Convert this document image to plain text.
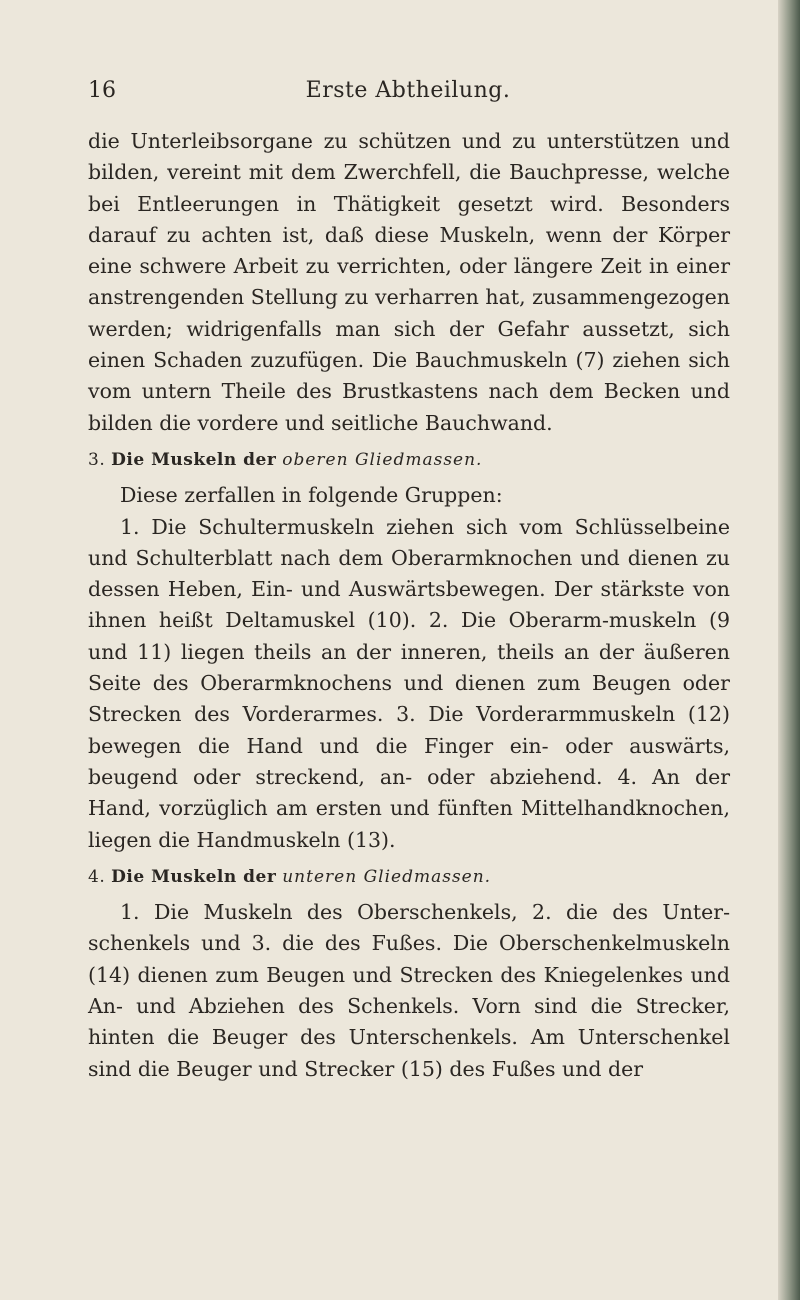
16	Erste Abtheilung.

die Unterleibsorgane zu schützen und zu unterstützen und bilden, vereint mit dem Zwerchfell, die Bauchpresse, welche bei Entleerungen in Thätigkeit gesetzt wird. Besonders darauf zu achten ist, daß diese Muskeln, wenn der Körper eine schwere Arbeit zu verrichten, oder längere Zeit in einer anstrengenden Stellung zu verharren hat, zusammengezogen werden; widrigenfalls man sich der Gefahr aussetzt, sich einen Schaden zuzufügen. Die Bauchmuskeln (7) ziehen sich vom untern Theile des Brustkastens nach dem Becken und bilden die vordere und seitliche Bauchwand.

3. Die Muskeln der oberen Gliedmassen.

Diese zerfallen in folgende Gruppen:

1. Die Schultermuskeln ziehen sich vom Schlüsselbeine und Schulterblatt nach dem Oberarmknochen und dienen zu dessen Heben, Ein- und Auswärtsbewegen. Der stärkste von ihnen heißt Deltamuskel (10). 2. Die Oberarm-muskeln (9 und 11) liegen theils an der inneren, theils an der äußeren Seite des Oberarmknochens und dienen zum Beugen oder Strecken des Vorderarmes. 3. Die Vorderarmmuskeln (12) bewegen die Hand und die Finger ein- oder auswärts, beugend oder streckend, an- oder abziehend. 4. An der Hand, vorzüglich am ersten und fünften Mittelhandknochen, liegen die Handmuskeln (13).

4. Die Muskeln der unteren Gliedmassen.

1. Die Muskeln des Oberschenkels, 2. die des Unter-schenkels und 3. die des Fußes. Die Oberschenkelmuskeln (14) dienen zum Beugen und Strecken des Kniegelenkes und An- und Abziehen des Schenkels. Vorn sind die Strecker, hinten die Beuger des Unterschenkels. Am Unterschenkel sind die Beuger und Strecker (15) des Fußes und der
